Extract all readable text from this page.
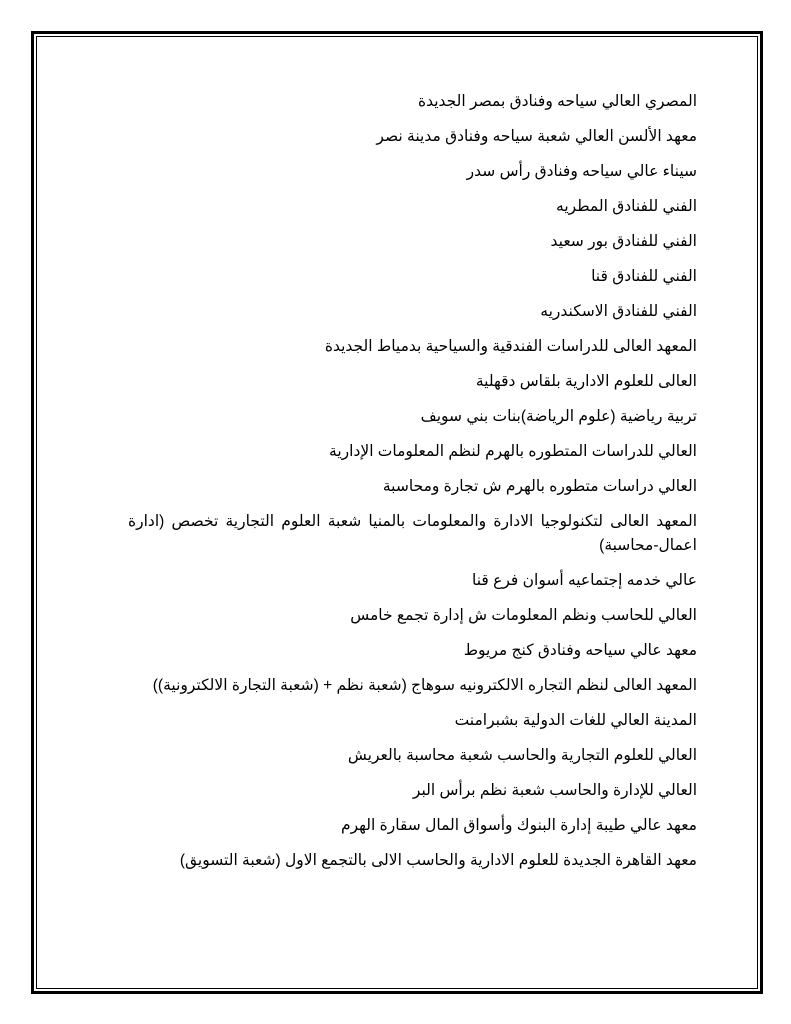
المصري العالي سياحه وفنادق بمصر الجديدة

معهد الألسن العالي شعبة سياحه وفنادق مدينة نصر

سيناء عالي سياحه وفنادق رأس سدر

الفني للفنادق المطريه

الفني للفنادق بور سعيد

الفني للفنادق قنا

الفني للفنادق الاسكندريه

المعهد العالى للدراسات الفندقية والسياحية بدمياط الجديدة

العالى للعلوم الادارية بلقاس دقهلية

تربية رياضية (علوم الرياضة)بنات بني سويف

العالي للدراسات المتطوره بالهرم لنظم المعلومات الإدارية

العالي دراسات متطوره بالهرم ش تجارة ومحاسبة

المعهد العالى لتكنولوجيا الادارة والمعلومات بالمنيا شعبة العلوم التجارية تخصص (ادارة اعمال-محاسبة)

عالي خدمه إجتماعيه أسوان فرع قنا

العالي للحاسب ونظم المعلومات ش إدارة تجمع خامس

معهد عالي سياحه وفنادق كنج مريوط

المعهد العالى لنظم التجاره الالكترونيه سوهاج (شعبة نظم + (شعبة التجارة الالكترونية))

المدينة العالي للغات الدولية بشبرامنت

العالي للعلوم التجارية والحاسب شعبة محاسبة بالعريش

العالي للإدارة والحاسب شعبة نظم برأس البر

معهد عالي طيبة إدارة البنوك وأسواق المال سقارة الهرم

معهد القاهرة الجديدة للعلوم الادارية والحاسب الالى بالتجمع الاول (شعبة التسويق)
